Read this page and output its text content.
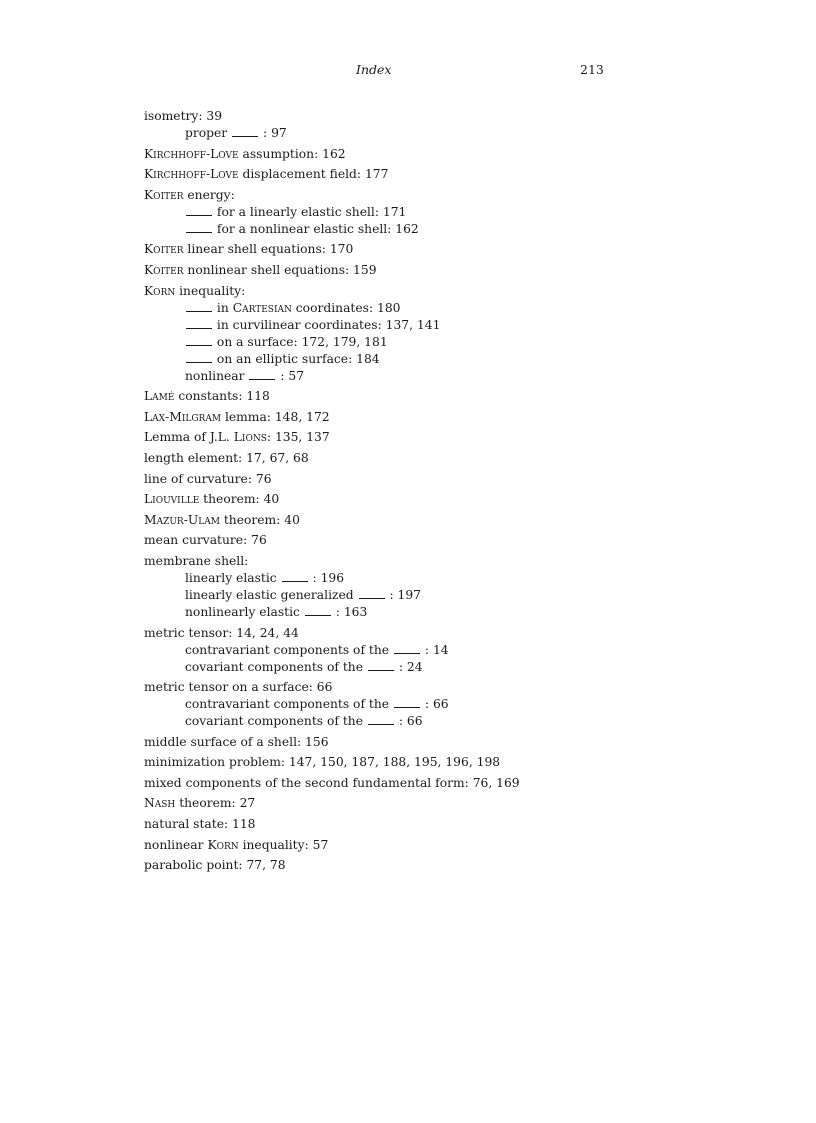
Index	213
isometry: 39
proper	: 97
Kirchhoff-Love assumption: 162
Kirchhoff-Love displacement field: 177
Koiter energy:
for a linearly elastic shell: 171
for a nonlinear elastic shell: 162
Koiter linear shell equations: 170
Koiter nonlinear shell equations: 159
Korn inequality:
in Cartesian coordinates: 180
in curvilinear coordinates: 137, 141
on a surface: 172, 179, 181
on an elliptic surface: 184
nonlinear	: 57
Lamé constants: 118
Lax-Milgram lemma: 148, 172
Lemma of J.L. Lions: 135, 137
length element: 17, 67, 68
line of curvature: 76
Liouville theorem: 40
Mazur-Ulam theorem: 40
mean curvature: 76
membrane shell:
linearly elastic	: 196
linearly elastic generalized	: 197
nonlinearly elastic	: 163
metric tensor: 14, 24, 44
contravariant components of the	: 14
covariant components of the	: 24
metric tensor on a surface: 66
contravariant components of the	: 66
covariant components of the	: 66
middle surface of a shell: 156
minimization problem: 147, 150, 187, 188, 195, 196, 198
mixed components of the second fundamental form: 76, 169
Nash theorem: 27
natural state: 118
nonlinear Korn inequality: 57
parabolic point: 77, 78
